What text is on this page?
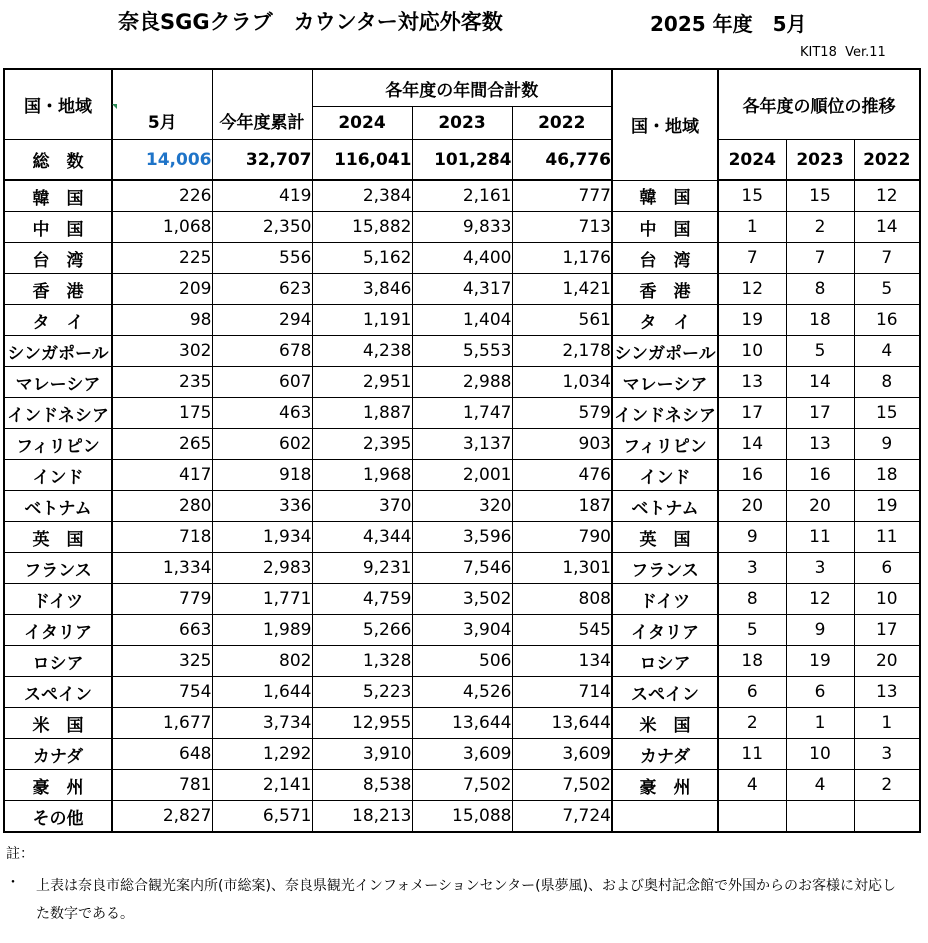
奈良SGGクラブ　カウンター対応外客数	2025 年度　5月
KIT18  Ver.11
国・地域	5月	今年度累計	各年度の年間合計数			国・地域	各年度の順位の推移		
			2024	2023	2022				
総　数	14,006	32,707	116,041	101,284	46,776		2024	2023	2022
韓　国	226	419	2,384	2,161	777	韓　国	15	15	12
中　国	1,068	2,350	15,882	9,833	713	中　国	1	2	14
台　湾	225	556	5,162	4,400	1,176	台　湾	7	7	7
香　港	209	623	3,846	4,317	1,421	香　港	12	8	5
タ　イ	98	294	1,191	1,404	561	タ　イ	19	18	16
シンガポール	302	678	4,238	5,553	2,178	シンガポール	10	5	4
マレーシア	235	607	2,951	2,988	1,034	マレーシア	13	14	8
インドネシア	175	463	1,887	1,747	579	インドネシア	17	17	15
フィリピン	265	602	2,395	3,137	903	フィリピン	14	13	9
インド	417	918	1,968	2,001	476	インド	16	16	18
ベトナム	280	336	370	320	187	ベトナム	20	20	19
英　国	718	1,934	4,344	3,596	790	英　国	9	11	11
フランス	1,334	2,983	9,231	7,546	1,301	フランス	3	3	6
ドイツ	779	1,771	4,759	3,502	808	ドイツ	8	12	10
イタリア	663	1,989	5,266	3,904	545	イタリア	5	9	17
ロシア	325	802	1,328	506	134	ロシア	18	19	20
スペイン	754	1,644	5,223	4,526	714	スペイン	6	6	13
米　国	1,677	3,734	12,955	13,644	13,644	米　国	2	1	1
カナダ	648	1,292	3,910	3,609	3,609	カナダ	11	10	3
豪　州	781	2,141	8,538	7,502	7,502	豪　州	4	4	2
その他	2,827	6,571	18,213	15,088	7,724				
註：
・	上表は奈良市総合観光案内所(市総案)、奈良県観光インフォメーションセンター(県夢風)、および奥村記念館で外国からのお客様に対応した数字である。
